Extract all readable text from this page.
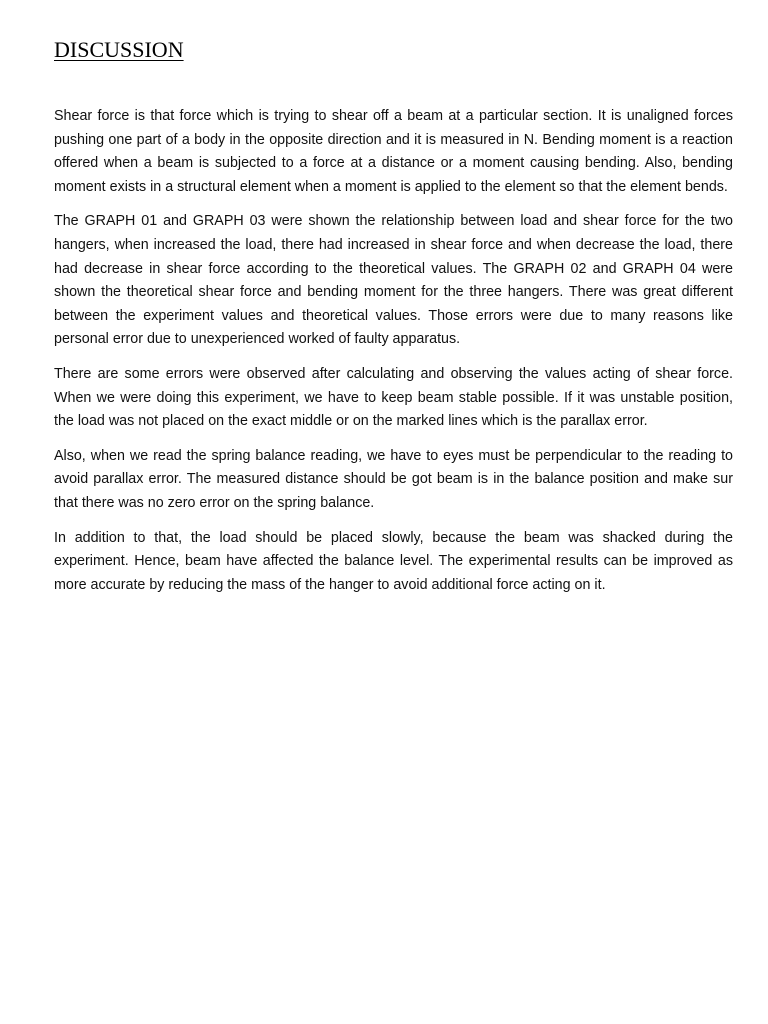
DISCUSSION

Shear force is that force which is trying to shear off a beam at a particular section. It is unaligned forces pushing one part of a body in the opposite direction and it is measured in N. Bending moment is a reaction offered when a beam is subjected to a force at a distance or a moment causing bending. Also, bending moment exists in a structural element when a moment is applied to the element so that the element bends.

The GRAPH 01 and GRAPH 03 were shown the relationship between load and shear force for the two hangers, when increased the load, there had increased in shear force and when decrease the load, there had decrease in shear force according to the theoretical values. The GRAPH 02 and GRAPH 04 were shown the theoretical shear force and bending moment for the three hangers. There was great different between the experiment values and theoretical values. Those errors were due to many reasons like personal error due to unexperienced worked of faulty apparatus.

There are some errors were observed after calculating and observing the values acting of shear force. When we were doing this experiment, we have to keep beam stable possible. If it was unstable position, the load was not placed on the exact middle or on the marked lines which is the parallax error.

Also, when we read the spring balance reading, we have to eyes must be perpendicular to the reading to avoid parallax error. The measured distance should be got beam is in the balance position and make sur that there was no zero error on the spring balance.

In addition to that, the load should be placed slowly, because the beam was shacked during the experiment. Hence, beam have affected the balance level. The experimental results can be improved as more accurate by reducing the mass of the hanger to avoid additional force acting on it.
